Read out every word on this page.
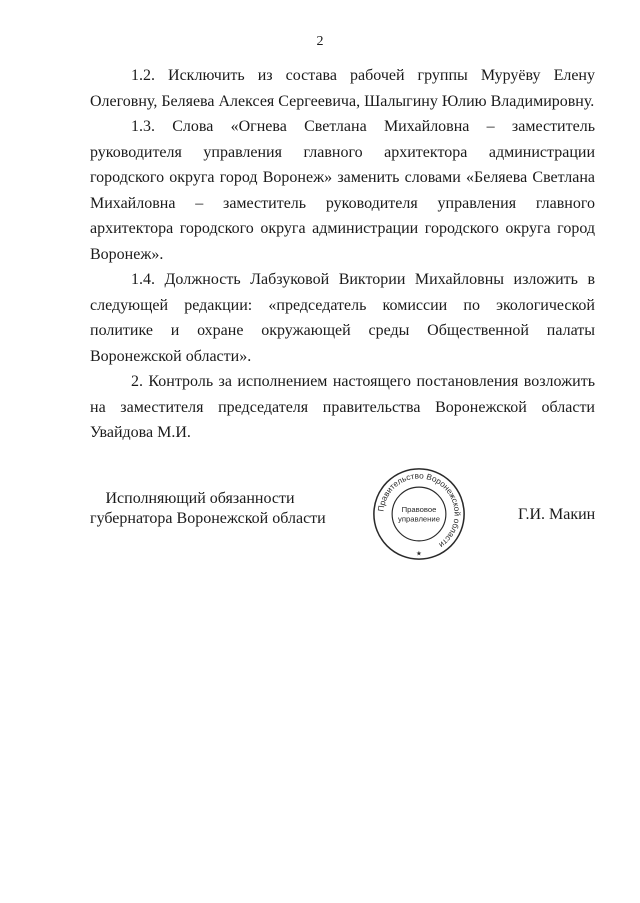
2

1.2. Исключить из состава рабочей группы Муруёву Елену Олеговну, Беляева Алексея Сергеевича, Шалыгину Юлию Владимировну.

1.3. Слова «Огнева Светлана Михайловна – заместитель руководителя управления главного архитектора администрации городского округа город Воронеж» заменить словами «Беляева Светлана Михайловна – заместитель руководителя управления главного архитектора городского округа администрации городского округа город Воронеж».

1.4. Должность Лабзуковой Виктории Михайловны изложить в следующей редакции: «председатель комиссии по экологической политике и охране окружающей среды Общественной палаты Воронежской области».

2. Контроль за исполнением настоящего постановления возложить на заместителя председателя правительства Воронежской области Увайдова М.И.

Исполняющий обязанности
губернатора Воронежской области
Правительство Воронежской области
Правовое
управление
★
Г.И. Макин
